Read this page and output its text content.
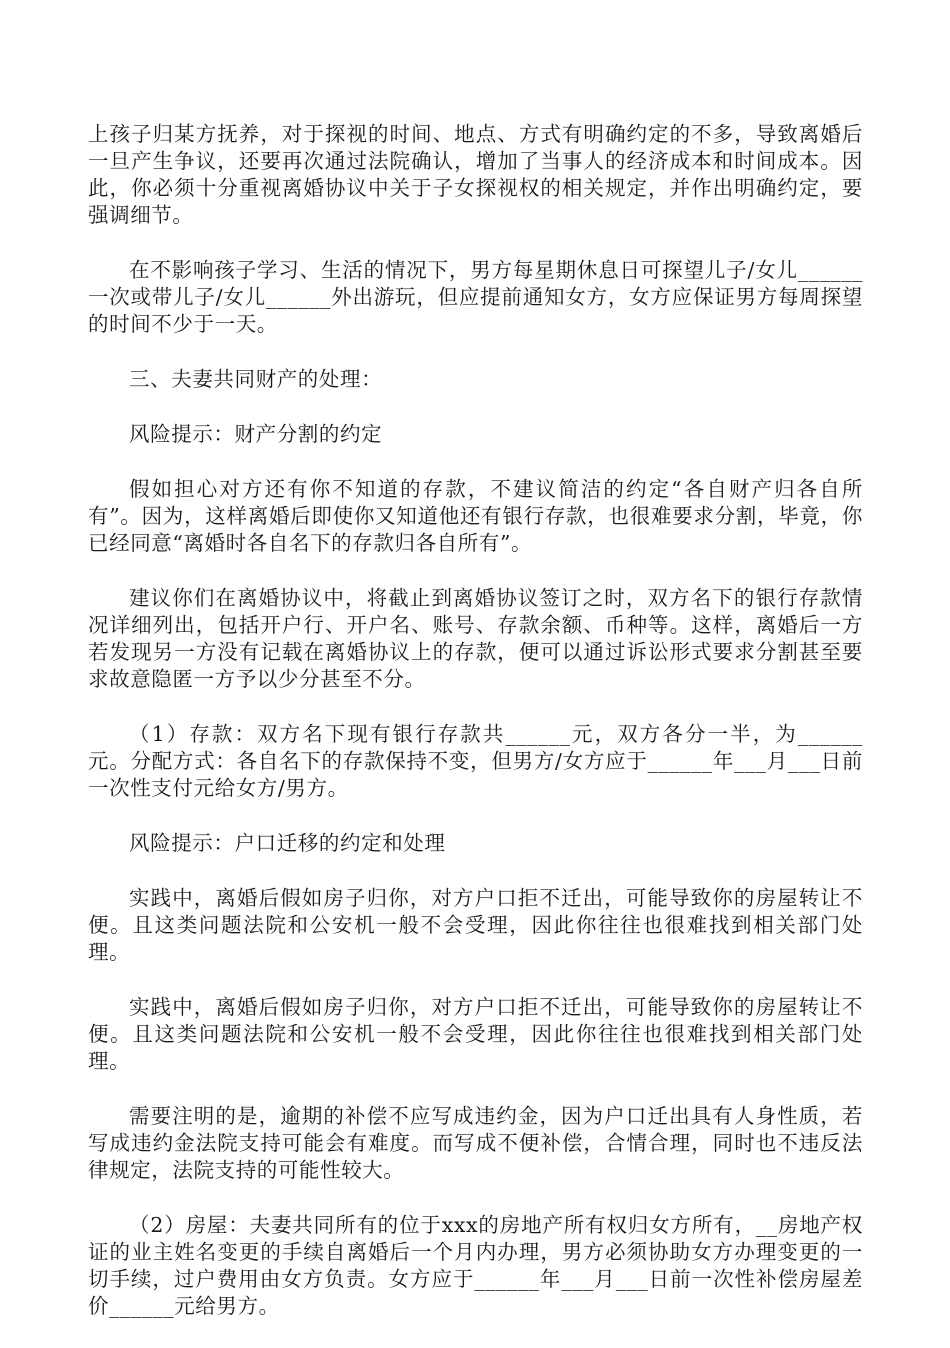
上孩子归某方抚养，对于探视的时间、地点、方式有明确约定的不多，导致离婚后一旦产生争议，还要再次通过法院确认，增加了当事人的经济成本和时间成本。因此，你必须十分重视离婚协议中关于子女探视权的相关规定，并作出明确约定，要强调细节。

在不影响孩子学习、生活的情况下，男方每星期休息日可探望儿子/女儿______一次或带儿子/女儿______外出游玩，但应提前通知女方，女方应保证男方每周探望的时间不少于一天。

三、夫妻共同财产的处理：

风险提示：财产分割的约定

假如担心对方还有你不知道的存款，不建议简洁的约定“各自财产归各自所有”。因为，这样离婚后即使你又知道他还有银行存款，也很难要求分割，毕竟，你已经同意“离婚时各自名下的存款归各自所有”。

建议你们在离婚协议中，将截止到离婚协议签订之时，双方名下的银行存款情况详细列出，包括开户行、开户名、账号、存款余额、币种等。这样，离婚后一方若发现另一方没有记载在离婚协议上的存款，便可以通过诉讼形式要求分割甚至要求故意隐匿一方予以少分甚至不分。

（1）存款：双方名下现有银行存款共______元，双方各分一半，为______元。分配方式：各自名下的存款保持不变，但男方/女方应于______年___月___日前一次性支付元给女方/男方。

风险提示：户口迁移的约定和处理

实践中，离婚后假如房子归你，对方户口拒不迁出，可能导致你的房屋转让不便。且这类问题法院和公安机一般不会受理，因此你往往也很难找到相关部门处理。

实践中，离婚后假如房子归你，对方户口拒不迁出，可能导致你的房屋转让不便。且这类问题法院和公安机一般不会受理，因此你往往也很难找到相关部门处理。

需要注明的是，逾期的补偿不应写成违约金，因为户口迁出具有人身性质，若写成违约金法院支持可能会有难度。而写成不便补偿，合情合理，同时也不违反法律规定，法院支持的可能性较大。

（2）房屋：夫妻共同所有的位于xxx的房地产所有权归女方所有，__房地产权证的业主姓名变更的手续自离婚后一个月内办理，男方必须协助女方办理变更的一切手续，过户费用由女方负责。女方应于______年___月___日前一次性补偿房屋差价______元给男方。
